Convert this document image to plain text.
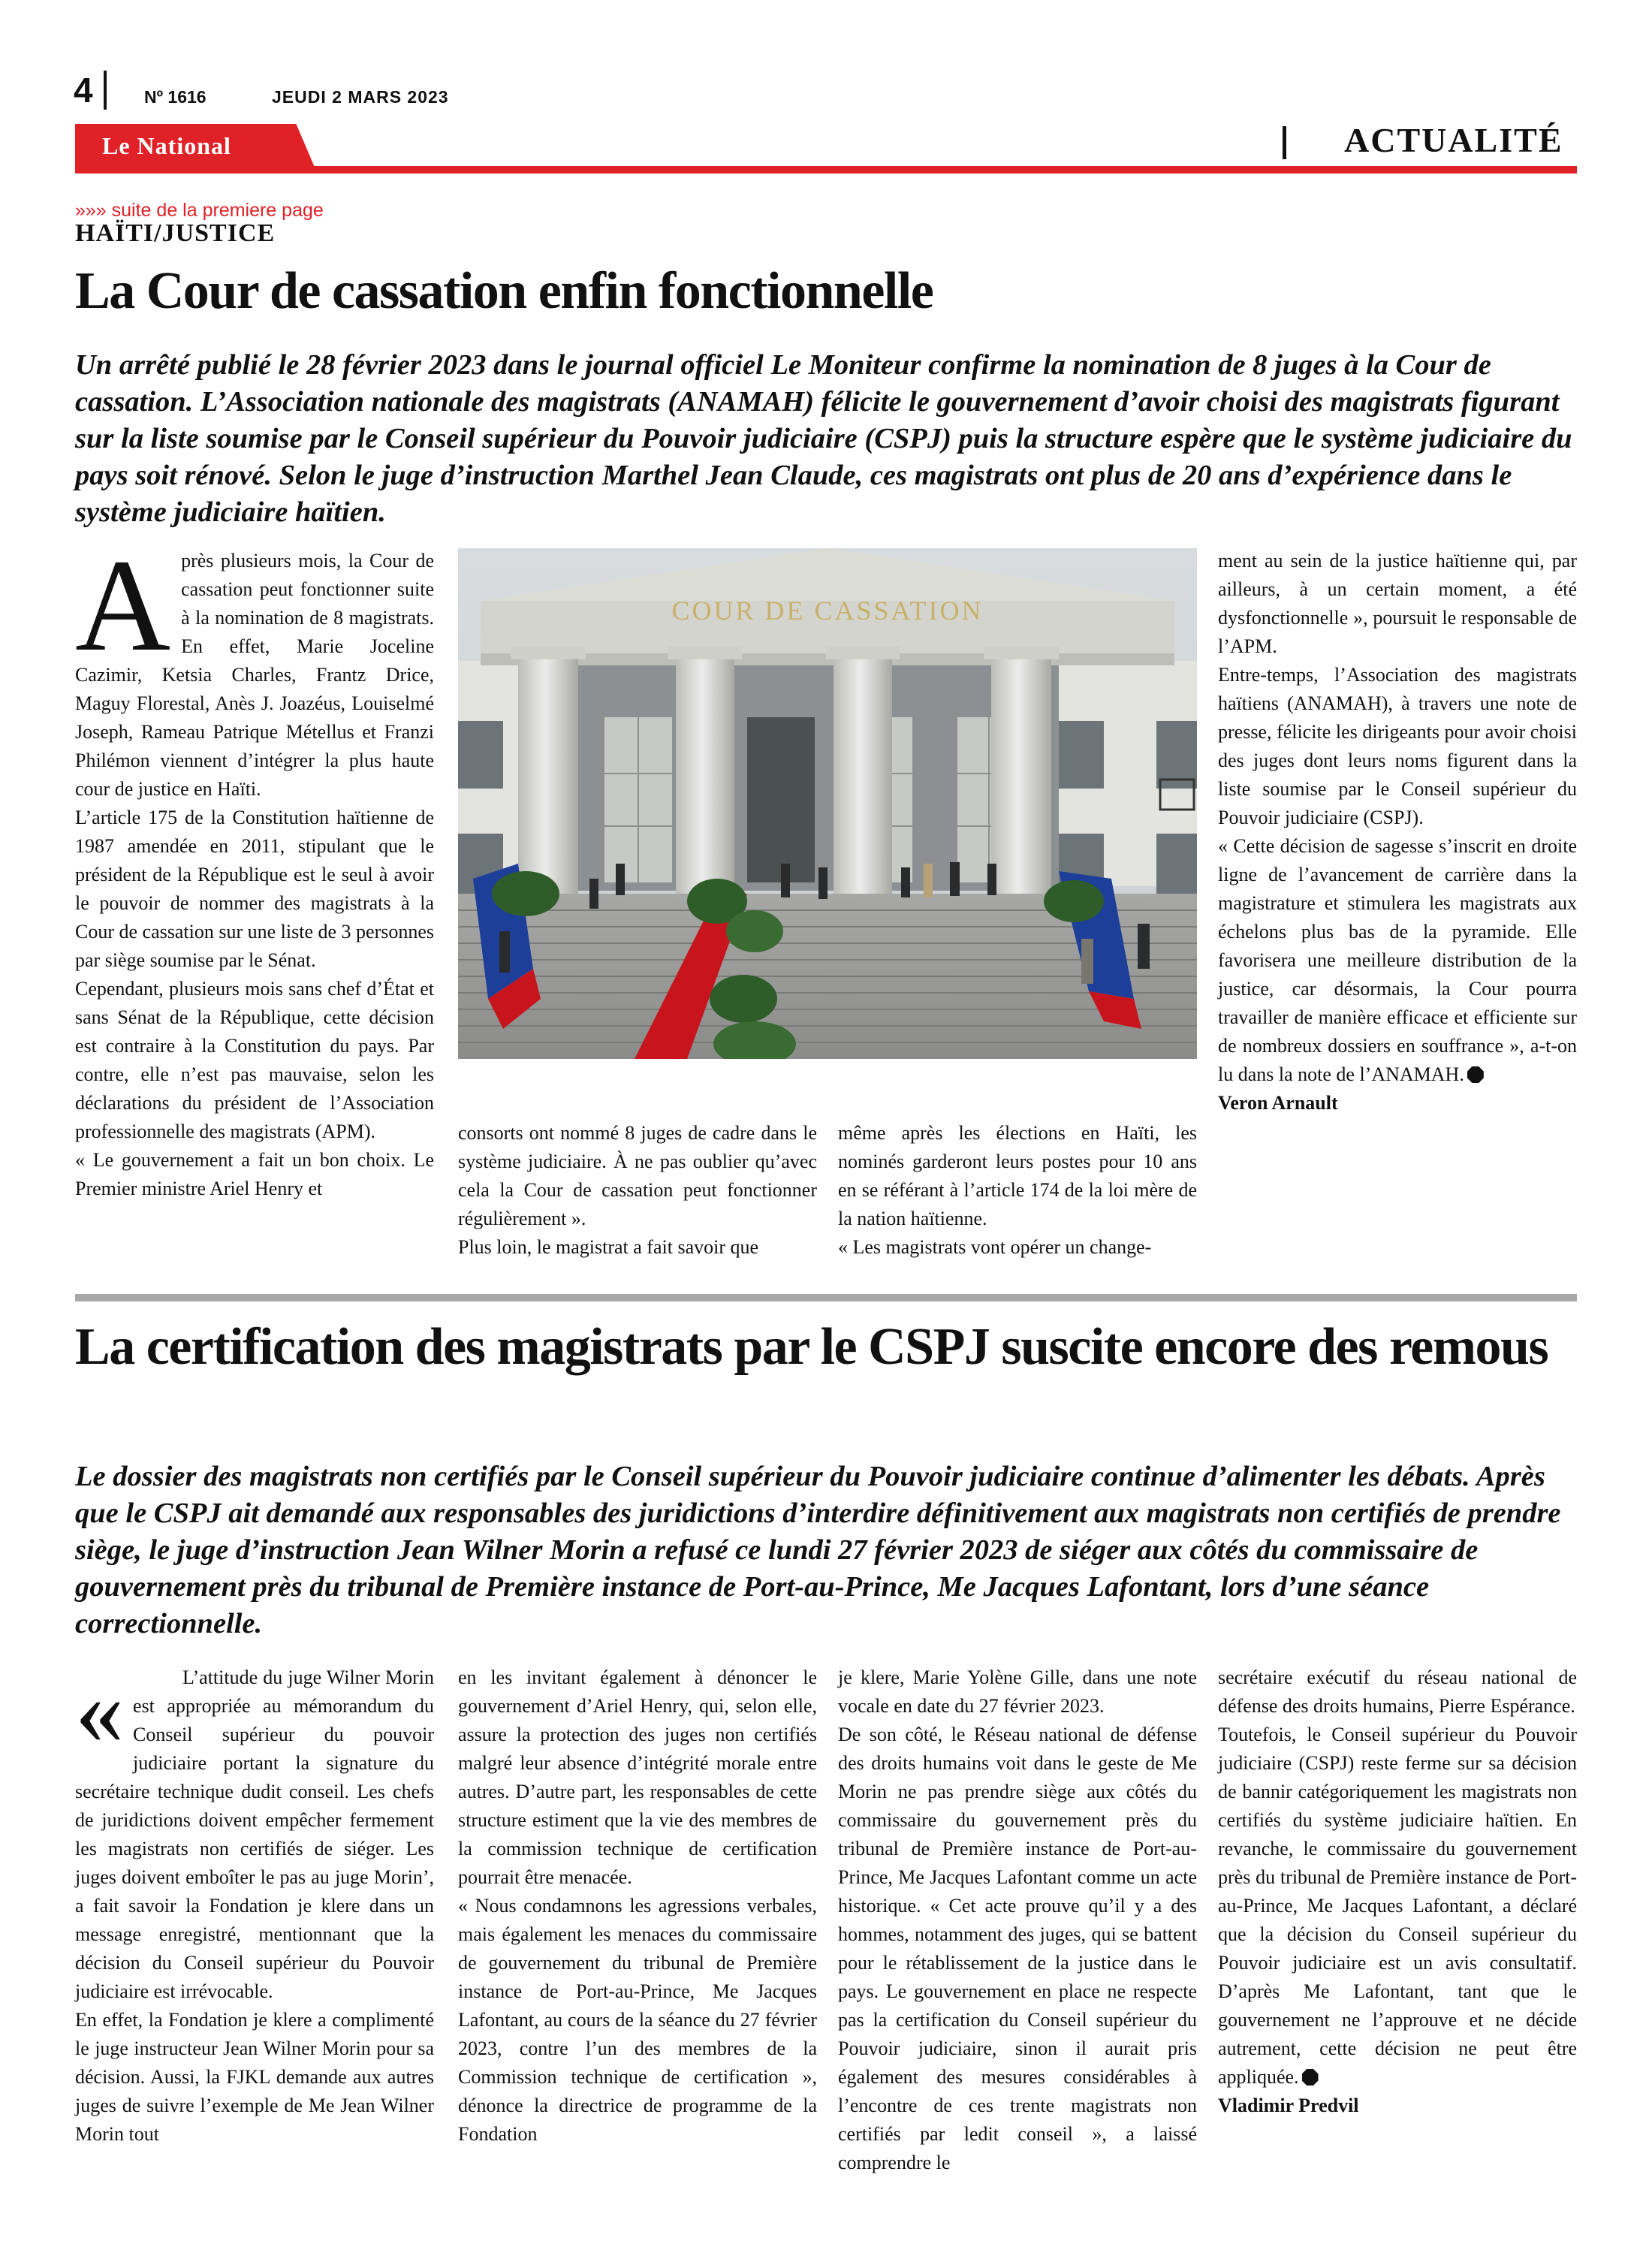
4	Nº 1616	JEUDI 2 MARS 2023
Le National	ACTUALITÉ
»»» suite de la premiere page
HAÏTI/JUSTICE
La Cour de cassation enfin fonctionnelle
Un arrêté publié le 28 février 2023 dans le journal officiel Le Moniteur confirme la nomination de 8 juges à la Cour de cassation. L’Association nationale des magistrats (ANAMAH) félicite le gouvernement d’avoir choisi des magistrats figurant sur la liste soumise par le Conseil supérieur du Pouvoir judiciaire (CSPJ) puis la structure espère que le système judiciaire du pays soit rénové. Selon le juge d’instruction Marthel Jean Claude, ces magistrats ont plus de 20 ans d’expérience dans le système judiciaire haïtien.
A près plusieurs mois, la Cour de cassation peut fonctionner suite à la nomination de 8 magistrats. En effet, Marie Joceline Cazimir, Ketsia Charles, Frantz Drice, Maguy Florestal, Anès J. Joazéus, Louiselmé Joseph, Rameau Patrique Métellus et Franzi Philémon viennent d’intégrer la plus haute cour de justice en Haïti.

L’article 175 de la Constitution haïtienne de 1987 amendée en 2011, stipulant que le président de la République est le seul à avoir le pouvoir de nommer des magistrats à la Cour de cassation sur une liste de 3 personnes par siège soumise par le Sénat.

Cependant, plusieurs mois sans chef d’État et sans Sénat de la République, cette décision est contraire à la Constitution du pays. Par contre, elle n’est pas mauvaise, selon les déclarations du président de l’Association professionnelle des magistrats (APM).

« Le gouvernement a fait un bon choix. Le Premier ministre Ariel Henry et

COUR DE CASSATION

consorts ont nommé 8 juges de cadre dans le système judiciaire. À ne pas oublier qu’avec cela la Cour de cassation peut fonctionner régulièrement ».

Plus loin, le magistrat a fait savoir que

même après les élections en Haïti, les nominés garderont leurs postes pour 10 ans en se référant à l’article 174 de la loi mère de la nation haïtienne.

« Les magistrats vont opérer un change-

ment au sein de la justice haïtienne qui, par ailleurs, à un certain moment, a été dysfonctionnelle », poursuit le responsable de l’APM.

Entre-temps, l’Association des magistrats haïtiens (ANAMAH), à travers une note de presse, félicite les dirigeants pour avoir choisi des juges dont leurs noms figurent dans la liste soumise par le Conseil supérieur du Pouvoir judiciaire (CSPJ).

« Cette décision de sagesse s’inscrit en droite ligne de l’avancement de carrière dans la magistrature et stimulera les magistrats aux échelons plus bas de la pyramide. Elle favorisera une meilleure distribution de la justice, car désormais, la Cour pourra travailler de manière efficace et efficiente sur de nombreux dossiers en souffrance », a-t-on lu dans la note de l’ANAMAH.

Veron Arnault

La certification des magistrats par le CSPJ suscite encore des remous
Le dossier des magistrats non certifiés par le Conseil supérieur du Pouvoir judiciaire continue d’alimenter les débats. Après que le CSPJ ait demandé aux responsables des juridictions d’interdire définitivement aux magistrats non certifiés de prendre siège, le juge d’instruction Jean Wilner Morin a refusé ce lundi 27 février 2023 de siéger aux côtés du commissaire de gouvernement près du tribunal de Première instance de Port-au-Prince, Me Jacques Lafontant, lors d’une séance correctionnelle.
«	L’attitude du juge Wilner Morin est appropriée au mémorandum du Conseil supérieur du pouvoir judiciaire portant la signature du secrétaire technique dudit conseil. Les chefs de juridictions doivent empêcher fermement les magistrats non certifiés de siéger. Les juges doivent emboîter le pas au juge Morin’, a fait savoir la Fondation je klere dans un message enregistré, mentionnant que la décision du Conseil supérieur du Pouvoir judiciaire est irrévocable.

En effet, la Fondation je klere a complimenté le juge instructeur Jean Wilner Morin pour sa décision. Aussi, la FJKL demande aux autres juges de suivre l’exemple de Me Jean Wilner Morin tout

en les invitant également à dénoncer le gouvernement d’Ariel Henry, qui, selon elle, assure la protection des juges non certifiés malgré leur absence d’intégrité morale entre autres. D’autre part, les responsables de cette structure estiment que la vie des membres de la commission technique de certification pourrait être menacée.

« Nous condamnons les agressions verbales, mais également les menaces du commissaire de gouvernement du tribunal de Première instance de Port-au-Prince, Me Jacques Lafontant, au cours de la séance du 27 février 2023, contre l’un des membres de la Commission technique de certification », dénonce la directrice de programme de la Fondation

je klere, Marie Yolène Gille, dans une note vocale en date du 27 février 2023.

De son côté, le Réseau national de défense des droits humains voit dans le geste de Me Morin ne pas prendre siège aux côtés du commissaire du gouvernement près du tribunal de Première instance de Port-au-Prince, Me Jacques Lafontant comme un acte historique. « Cet acte prouve qu’il y a des hommes, notamment des juges, qui se battent pour le rétablissement de la justice dans le pays. Le gouvernement en place ne respecte pas la certification du Conseil supérieur du Pouvoir judiciaire, sinon il aurait pris également des mesures considérables à l’encontre de ces trente magistrats non certifiés par ledit conseil », a laissé comprendre le

secrétaire exécutif du réseau national de défense des droits humains, Pierre Espérance.

Toutefois, le Conseil supérieur du Pouvoir judiciaire (CSPJ) reste ferme sur sa décision de bannir catégoriquement les magistrats non certifiés du système judiciaire haïtien. En revanche, le commissaire du gouvernement près du tribunal de Première instance de Port-au-Prince, Me Jacques Lafontant, a déclaré que la décision du Conseil supérieur du Pouvoir judiciaire est un avis consultatif. D’après Me Lafontant, tant que le gouvernement ne l’approuve et ne décide autrement, cette décision ne peut être appliquée.

Vladimir Predvil
